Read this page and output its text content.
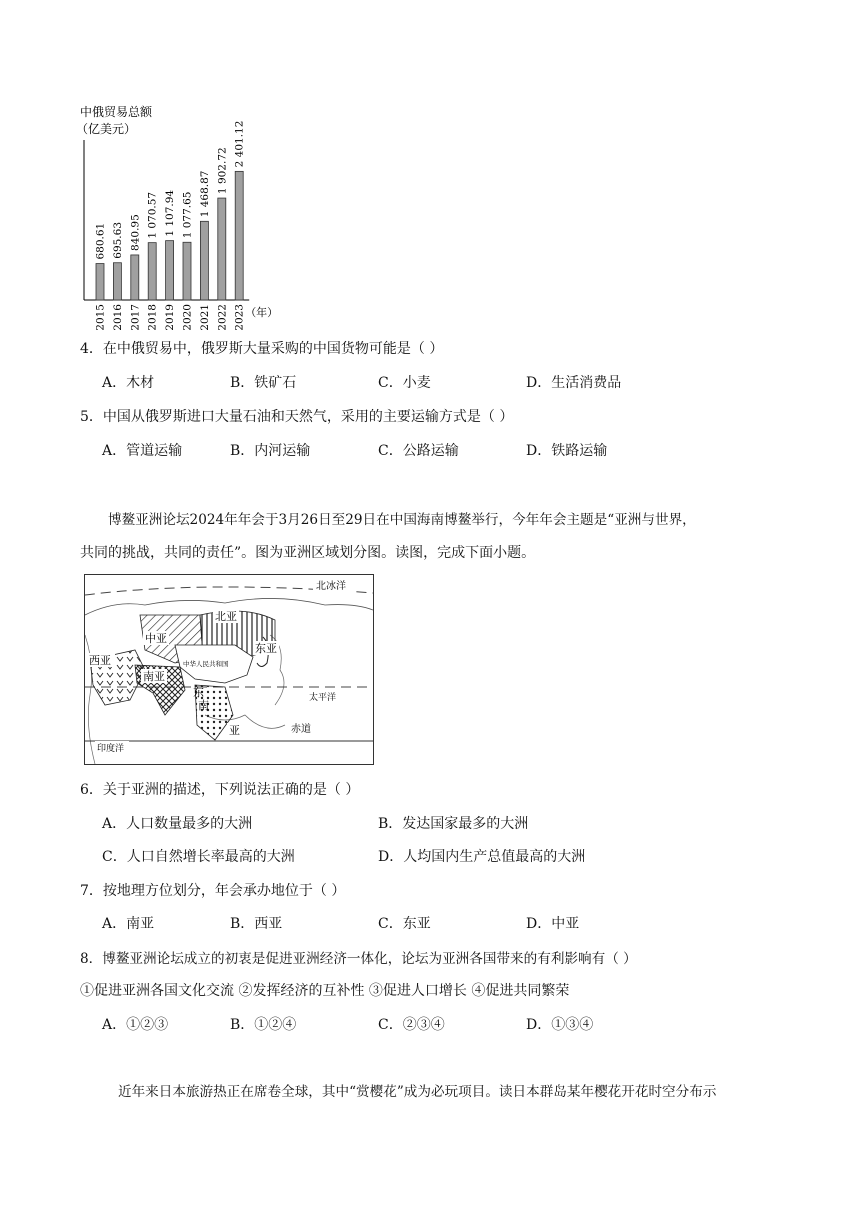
中俄贸易总额
（亿美元）
680.61
2015
695.63
2016
840.95
2017
1 070.57
2018
1 107.94
2019
1 077.65
2020
1 468.87
2021
1 902.72
2022
2 401.12
2023 （年）
4．在中俄贸易中，俄罗斯大量采购的中国货物可能是（ ）
A．木材	B．铁矿石	C．小麦	D．生活消费品
5．中国从俄罗斯进口大量石油和天然气，采用的主要运输方式是（ ）
A．管道运输	B．内河运输	C．公路运输	D．铁路运输
博鳌亚洲论坛2024年年会于3月26日至29日在中国海南博鳌举行，今年年会主题是“亚洲与世界，
共同的挑战，共同的责任”。图为亚洲区域划分图。读图，完成下面小题。
北冰洋
北亚
中亚
西亚
南亚
中华人民共和国
东亚
东
南
亚
太平洋
印度洋
赤道
6．关于亚洲的描述，下列说法正确的是（ ）
A．人口数量最多的大洲	B．发达国家最多的大洲
C．人口自然增长率最高的大洲	D．人均国内生产总值最高的大洲
7．按地理方位划分，年会承办地位于（ ）
A．南亚	B．西亚	C．东亚	D．中亚
8．博鳌亚洲论坛成立的初衷是促进亚洲经济一体化，论坛为亚洲各国带来的有利影响有（ ）
①促进亚洲各国文化交流 ②发挥经济的互补性 ③促进人口增长 ④促进共同繁荣
A．①②③	B．①②④	C．②③④	D．①③④
近年来日本旅游热正在席卷全球，其中“赏樱花”成为必玩项目。读日本群岛某年樱花开花时空分布示
